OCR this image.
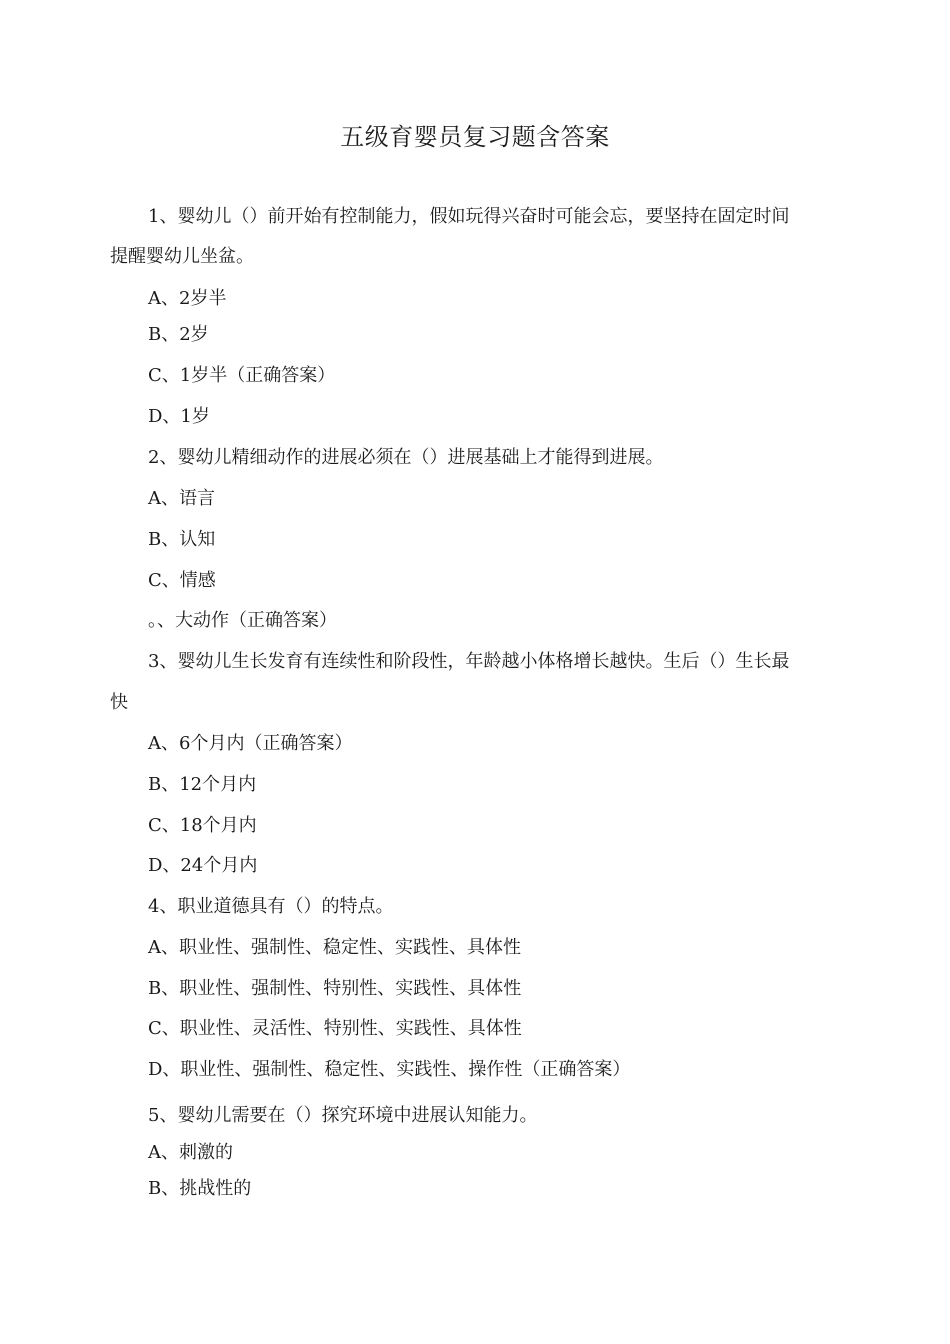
五级育婴员复习题含答案
1、婴幼儿（）前开始有控制能力，假如玩得兴奋时可能会忘，要坚持在固定时间
提醒婴幼儿坐盆。
A、2岁半
B、2岁
C、1岁半（正确答案）
D、1岁
2、婴幼儿精细动作的进展必须在（）进展基础上才能得到进展。
A、语言
B、认知
C、情感
。、大动作（正确答案）
3、婴幼儿生长发育有连续性和阶段性，年龄越小体格增长越快。生后（）生长最
快
A、6个月内（正确答案）
B、12个月内
C、18个月内
D、24个月内
4、职业道德具有（）的特点。
A、职业性、强制性、稳定性、实践性、具体性
B、职业性、强制性、特别性、实践性、具体性
C、职业性、灵活性、特别性、实践性、具体性
D、职业性、强制性、稳定性、实践性、操作性（正确答案）
5、婴幼儿需要在（）探究环境中进展认知能力。
A、刺激的
B、挑战性的
